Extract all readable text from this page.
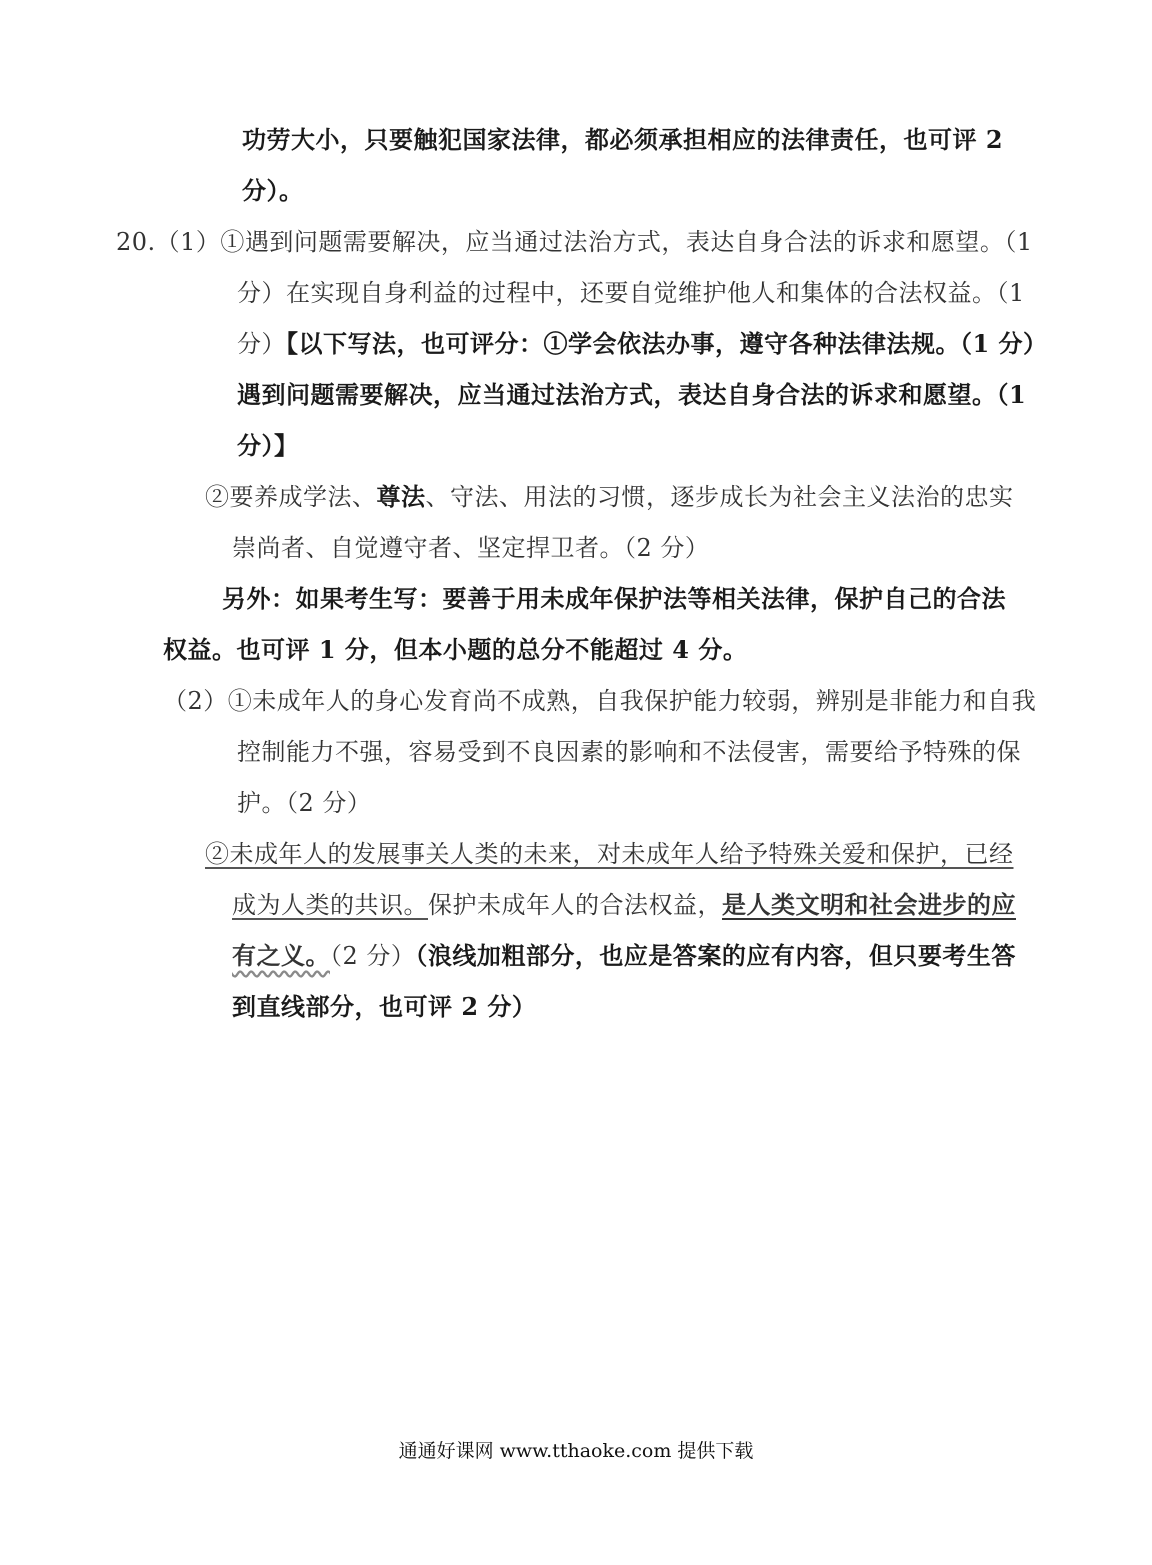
功劳大小，只要触犯国家法律，都必须承担相应的法律责任，也可评 2
分）。
20.（1）①遇到问题需要解决，应当通过法治方式，表达自身合法的诉求和愿望。（1
分）在实现自身利益的过程中，还要自觉维护他人和集体的合法权益。（1
分）【以下写法，也可评分：①学会依法办事，遵守各种法律法规。（1 分）
遇到问题需要解决，应当通过法治方式，表达自身合法的诉求和愿望。（1
分）】
②要养成学法、尊法、守法、用法的习惯，逐步成长为社会主义法治的忠实
崇尚者、自觉遵守者、坚定捍卫者。（2 分）
另外：如果考生写：要善于用未成年保护法等相关法律，保护自己的合法
权益。也可评 1 分，但本小题的总分不能超过 4 分。
（2）①未成年人的身心发育尚不成熟，自我保护能力较弱，辨别是非能力和自我
控制能力不强，容易受到不良因素的影响和不法侵害，需要给予特殊的保
护。（2 分）
②未成年人的发展事关人类的未来，对未成年人给予特殊关爱和保护，已经
成为人类的共识。保护未成年人的合法权益，是人类文明和社会进步的应
有之义。（2 分）（浪线加粗部分，也应是答案的应有内容，但只要考生答
到直线部分，也可评 2 分）
通通好课网 www.tthaoke.com 提供下载
